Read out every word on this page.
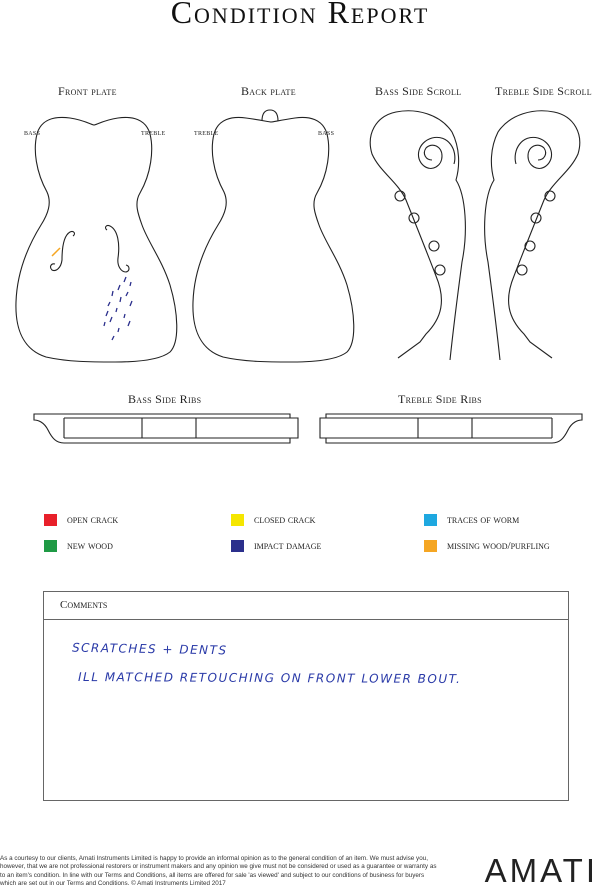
Condition Report
Front plate	Back plate	Bass Side Scroll	Treble Side Scroll
Bass Side Ribs	Treble Side Ribs
bass	treble	treble	bass
open crack	closed crack	traces of worm
new wood	impact damage	missing wood/purfling
Comments
SCRATCHES + DENTS
ILL MATCHED RETOUCHING ON FRONT LOWER BOUT.
As a courtesy to our clients, Amati Instruments Limited is happy to provide an informal opinion as to the general condition of an item. We must advise you, however, that we are not professional restorers or instrument makers and any opinion we give must not be considered or used as a guarantee or warranty as to an item's condition. In line with our Terms and Conditions, all items are offered for sale 'as viewed' and subject to our conditions of business for buyers which are set out in our Terms and Conditions. © Amati Instruments Limited 2017	AMATI
